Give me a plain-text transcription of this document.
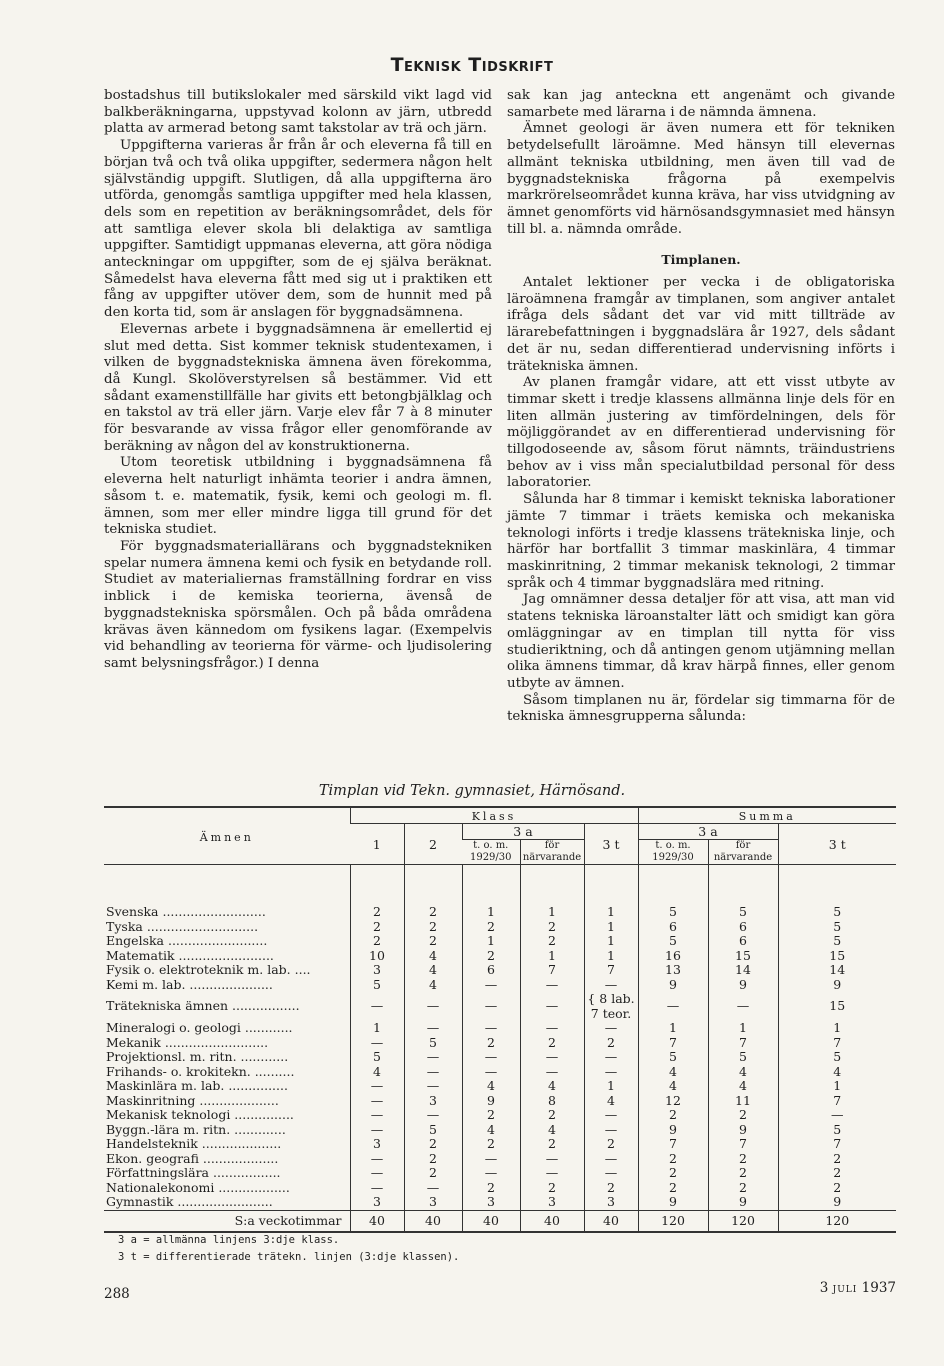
Teknisk Tidskrift

bostadshus till butikslokaler med särskild vikt lagd vid balkberäkningarna, uppstyvad kolonn av järn, utbredd platta av armerad betong samt takstolar av trä och järn.

Uppgifterna varieras år från år och eleverna få till en början två och två olika uppgifter, sedermera någon helt självständig uppgift. Slutligen, då alla uppgifterna äro utförda, genomgås samtliga uppgifter med hela klassen, dels som en repetition av beräkningsområdet, dels för att samtliga elever skola bli delaktiga av samtliga uppgifter. Samtidigt uppmanas eleverna, att göra nödiga anteckningar om uppgifter, som de ej själva beräknat. Såmedelst hava eleverna fått med sig ut i praktiken ett fång av uppgifter utöver dem, som de hunnit med på den korta tid, som är anslagen för byggnadsämnena.

Elevernas arbete i byggnadsämnena är emellertid ej slut med detta. Sist kommer teknisk studentexamen, i vilken de byggnadstekniska ämnena även förekomma, då Kungl. Skolöverstyrelsen så bestämmer. Vid ett sådant examenstillfälle har givits ett betongbjälklag och en takstol av trä eller järn. Varje elev får 7 à 8 minuter för besvarande av vissa frågor eller genomförande av beräkning av någon del av konstruktionerna.

Utom teoretisk utbildning i byggnadsämnena få eleverna helt naturligt inhämta teorier i andra ämnen, såsom t. e. matematik, fysik, kemi och geologi m. fl. ämnen, som mer eller mindre ligga till grund för det tekniska studiet.

För byggnadsmateriallärans och byggnadstekniken spelar numera ämnena kemi och fysik en betydande roll. Studiet av materialiernas framställning fordrar en viss inblick i de kemiska teorierna, ävenså de byggnadstekniska spörsmålen. Och på båda områdena krävas även kännedom om fysikens lagar. (Exempelvis vid behandling av teorierna för värme- och ljudisolering samt belysningsfrågor.) I denna

sak kan jag anteckna ett angenämt och givande samarbete med lärarna i de nämnda ämnena.

Ämnet geologi är även numera ett för tekniken betydelsefullt läroämne. Med hänsyn till elevernas allmänt tekniska utbildning, men även till vad de byggnadstekniska frågorna på exempelvis markrörelseområdet kunna kräva, har viss utvidgning av ämnet genomförts vid härnösandsgymnasiet med hänsyn till bl. a. nämnda område.

Timplanen.

Antalet lektioner per vecka i de obligatoriska läroämnena framgår av timplanen, som angiver antalet ifråga dels sådant det var vid mitt tillträde av lärarebefattningen i byggnadslära år 1927, dels sådant det är nu, sedan differentierad undervisning införts i trätekniska ämnen.

Av planen framgår vidare, att ett visst utbyte av timmar skett i tredje klassens allmänna linje dels för en liten allmän justering av timfördelningen, dels för möjliggörandet av en differentierad undervisning för tillgodoseende av, såsom förut nämnts, träindustriens behov av i viss mån specialutbildad personal för dess laboratorier.

Sålunda har 8 timmar i kemiskt tekniska laborationer jämte 7 timmar i träets kemiska och mekaniska teknologi införts i tredje klassens trätekniska linje, och härför har bortfallit 3 timmar maskinlära, 4 timmar maskinritning, 2 timmar mekanisk teknologi, 2 timmar språk och 4 timmar byggnadslära med ritning.

Jag omnämner dessa detaljer för att visa, att man vid statens tekniska läroanstalter lätt och smidigt kan göra omläggningar av en timplan till nytta för viss studieriktning, och då antingen genom utjämning mellan olika ämnens timmar, då krav härpå finnes, eller genom utbyte av ämnen.

Såsom timplanen nu är, fördelar sig timmarna för de tekniska ämnesgrupperna sålunda:

Timplan vid Tekn. gymnasiet, Härnösand.
Ämnen	Klass					Summa		
	1	2	3 a		3 t	3 a		3 t
			t. o. m. 1929/30	för närvarande		t. o. m. 1929/30	för närvarande	
Svenska ..........................	2	2	1	1	1	5	5	5
Tyska ............................	2	2	2	2	1	6	6	5
Engelska .........................	2	2	1	2	1	5	6	5
Matematik ........................	10	4	2	1	1	16	15	15
Fysik o. elektroteknik m. lab. ....	3	4	6	7	7	13	14	14
Kemi m. lab. .....................	5	4	—	—	—	9	9	9
Trätekniska ämnen .................	—	—	—	—	{ 8 lab. 7 teor.	—	—	15
Mineralogi o. geologi ............	1	—	—	—	—	1	1	1
Mekanik ..........................	—	5	2	2	2	7	7	7
Projektionsl. m. ritn. ............	5	—	—	—	—	5	5	5
Frihands- o. krokitekn. ..........	4	—	—	—	—	4	4	4
Maskinlära m. lab. ...............	—	—	4	4	1	4	4	1
Maskinritning ....................	—	3	9	8	4	12	11	7
Mekanisk teknologi ...............	—	—	2	2	—	2	2	—
Byggn.-lära m. ritn. .............	—	5	4	4	—	9	9	5
Handelsteknik ....................	3	2	2	2	2	7	7	7
Ekon. geografi ...................	—	2	—	—	—	2	2	2
Författningslära .................	—	2	—	—	—	2	2	2
Nationalekonomi ..................	—	—	2	2	2	2	2	2
Gymnastik ........................	3	3	3	3	3	9	9	9
S:a veckotimmar	40	40	40	40	40	120	120	120
3 a = allmänna linjens 3:dje klass.
3 t = differentierade trätekn. linjen (3:dje klassen).
288	3 juli 1937
